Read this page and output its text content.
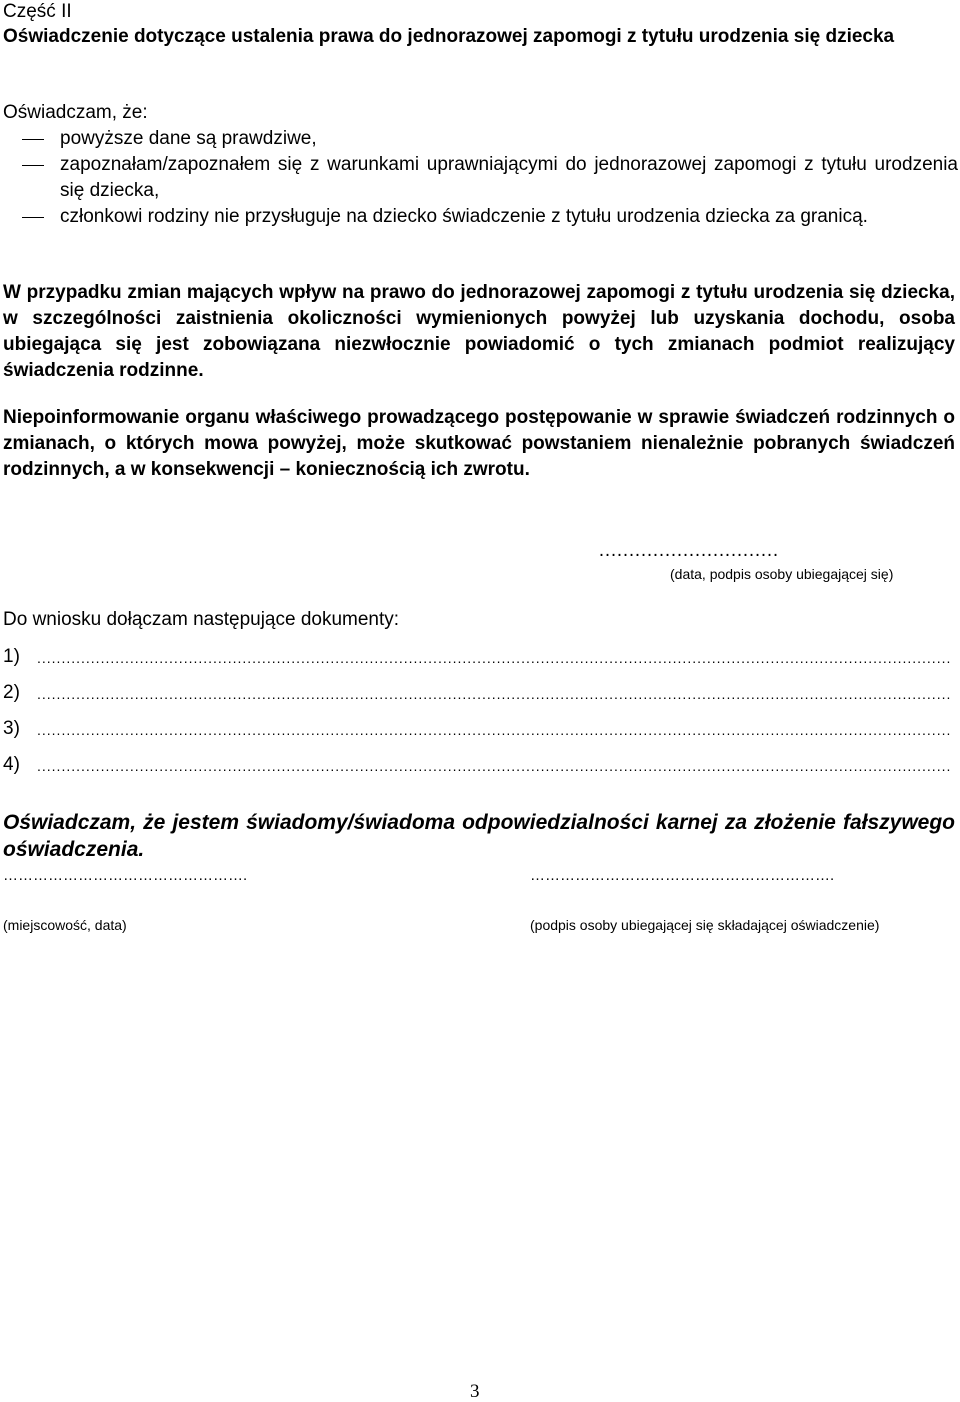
Część II
Oświadczenie dotyczące ustalenia prawa do jednorazowej zapomogi z tytułu urodzenia się dziecka
Oświadczam, że:
powyższe dane są prawdziwe,
zapoznałam/zapoznałem się z warunkami uprawniającymi do jednorazowej zapomogi z tytułu urodzenia się dziecka,
członkowi rodziny nie przysługuje na dziecko świadczenie z tytułu urodzenia dziecka za granicą.
W przypadku zmian mających wpływ na prawo do jednorazowej zapomogi z tytułu urodzenia się dziecka, w szczególności zaistnienia okoliczności wymienionych powyżej lub uzyskania dochodu, osoba ubiegająca się jest zobowiązana niezwłocznie powiadomić o tych zmianach podmiot realizujący świadczenia rodzinne.
Niepoinformowanie organu właściwego prowadzącego postępowanie w sprawie świadczeń rodzinnych o zmianach, o których mowa powyżej, może skutkować powstaniem nienależnie pobranych świadczeń rodzinnych, a w konsekwencji – koniecznością ich zwrotu.
…………………………
(data, podpis osoby ubiegającej się)
Do wniosku dołączam następujące dokumenty:
1)
.....
2)
.....
3)
.....
4)
.....
Oświadczam, że jestem świadomy/świadoma odpowiedzialności karnej za złożenie fałszywego oświadczenia.
………………………………………….	…………………………………………………….
(miejscowość, data)	(podpis osoby ubiegającej się składającej oświadczenie)
3
